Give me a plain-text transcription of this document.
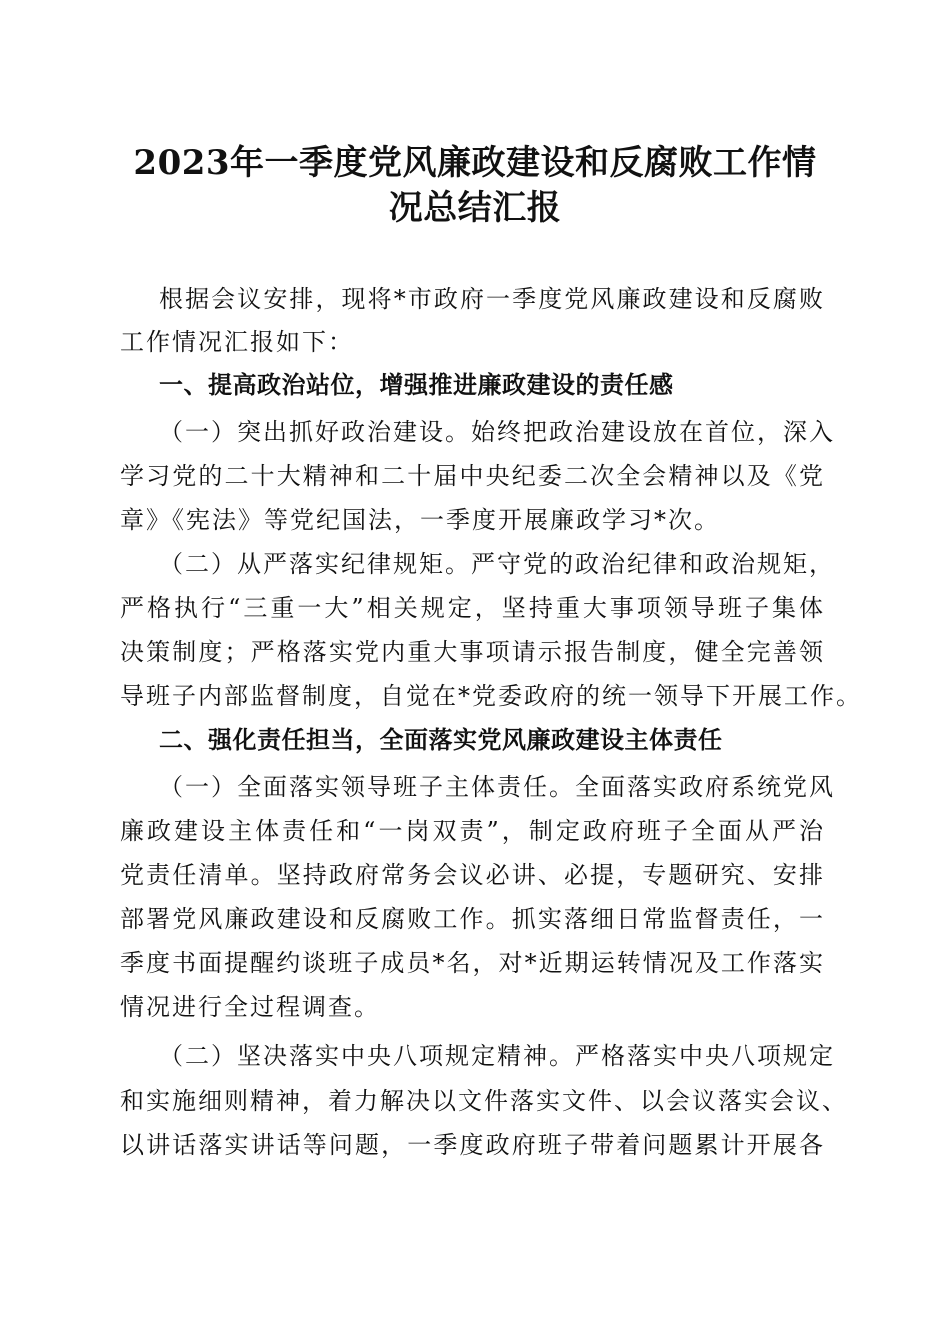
2023年一季度党风廉政建设和反腐败工作情
况总结汇报
根据会议安排，现将*市政府一季度党风廉政建设和反腐败
工作情况汇报如下：
一、提高政治站位，增强推进廉政建设的责任感
（一）突出抓好政治建设。始终把政治建设放在首位，深入
学习党的二十大精神和二十届中央纪委二次全会精神以及《党
章》《宪法》等党纪国法，一季度开展廉政学习*次。
（二）从严落实纪律规矩。严守党的政治纪律和政治规矩，
严格执行“三重一大”相关规定，坚持重大事项领导班子集体
决策制度；严格落实党内重大事项请示报告制度，健全完善领
导班子内部监督制度，自觉在*党委政府的统一领导下开展工作。
二、强化责任担当，全面落实党风廉政建设主体责任
（一）全面落实领导班子主体责任。全面落实政府系统党风
廉政建设主体责任和“一岗双责”，制定政府班子全面从严治
党责任清单。坚持政府常务会议必讲、必提，专题研究、安排
部署党风廉政建设和反腐败工作。抓实落细日常监督责任，一
季度书面提醒约谈班子成员*名，对*近期运转情况及工作落实
情况进行全过程调查。
（二）坚决落实中央八项规定精神。严格落实中央八项规定
和实施细则精神，着力解决以文件落实文件、以会议落实会议、
以讲话落实讲话等问题，一季度政府班子带着问题累计开展各
